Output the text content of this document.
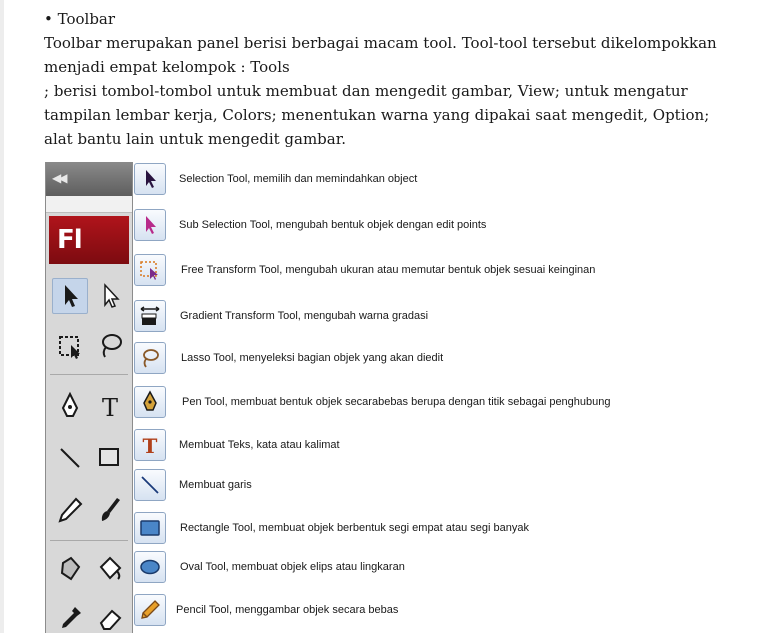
• Toolbar

Toolbar merupakan panel berisi berbagai macam tool. Tool-tool tersebut dikelompokkan

menjadi empat kelompok : Tools

; berisi tombol-tombol untuk membuat dan mengedit gambar, View; untuk mengatur

tampilan lembar kerja, Colors; menentukan warna yang dipakai saat mengedit, Option;

alat bantu lain untuk mengedit gambar.

◀◀
Fl
T
Selection Tool, memilih dan memindahkan object
Sub Selection Tool, mengubah bentuk objek dengan edit points
Free Transform Tool, mengubah ukuran atau memutar bentuk objek sesuai keinginan
Gradient Transform Tool, mengubah warna gradasi
Lasso Tool, menyeleksi bagian objek yang akan diedit
Pen Tool, membuat bentuk objek secarabebas berupa dengan titik sebagai penghubung
T Membuat Teks, kata atau kalimat
Membuat garis
Rectangle Tool, membuat objek berbentuk segi empat atau segi banyak
Oval Tool, membuat objek elips atau lingkaran
Pencil Tool, menggambar objek secara bebas
